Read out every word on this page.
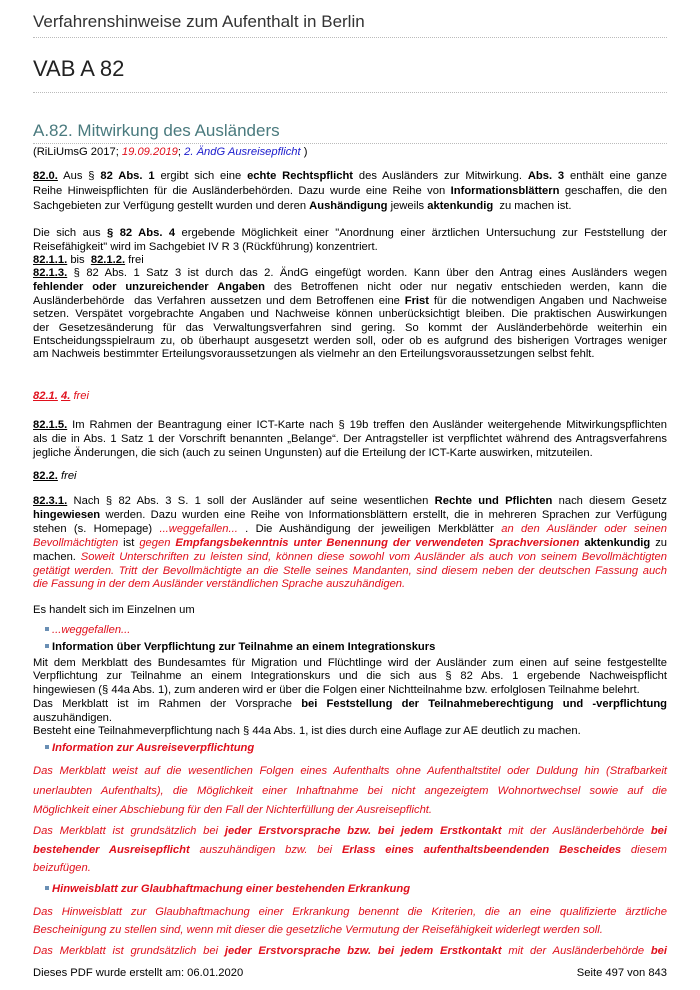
Verfahrenshinweise zum Aufenthalt in Berlin
VAB A 82
A.82. Mitwirkung des Ausländers
(RiLiUmsG 2017; 19.09.2019; 2. ÄndG Ausreisepflicht )
82.0. Aus § 82 Abs. 1 ergibt sich eine echte Rechtspflicht des Ausländers zur Mitwirkung. Abs. 3 enthält eine ganze
Reihe Hinweispflichten für die Ausländerbehörden. Dazu wurde eine Reihe von Informationsblättern geschaffen, die den
Sachgebieten zur Verfügung gestellt wurden und deren Aushändigung jeweils aktenkundig  zu machen ist.
Die sich aus § 82 Abs. 4 ergebende Möglichkeit einer "Anordnung einer ärztlichen Untersuchung zur Feststellung der
Reisefähigkeit" wird im Sachgebiet IV R 3 (Rückführung) konzentriert.
82.1.1. bis  82.1.2. frei
82.1.3. § 82 Abs. 1 Satz 3 ist durch das 2. ÄndG eingefügt worden. Kann über den Antrag eines Ausländers wegen
fehlender oder unzureichender Angaben des Betroffenen nicht oder nur negativ entschieden werden, kann die
Ausländerbehörde  das Verfahren aussetzen und dem Betroffenen eine Frist für die notwendigen Angaben und Nachweise
setzen. Verspätet vorgebrachte Angaben und Nachweise können unberücksichtigt bleiben. Die praktischen Auswirkungen
der Gesetzesänderung für das Verwaltungsverfahren sind gering. So kommt der Ausländerbehörde weiterhin ein
Entscheidungsspielraum zu, ob überhaupt ausgesetzt werden soll, oder ob es aufgrund des bisherigen Vortrages weniger
am Nachweis bestimmter Erteilungsvoraussetzungen als vielmehr an den Erteilungsvoraussetzungen selbst fehlt.
82.1. 4. frei
82.1.5. Im Rahmen der Beantragung einer ICT-Karte nach § 19b treffen den Ausländer weitergehende Mitwirkungspflichten
als die in Abs. 1 Satz 1 der Vorschrift benannten „Belange“. Der Antragsteller ist verpflichtet während des Antragsverfahrens
jegliche Änderungen, die sich (auch zu seinen Ungunsten) auf die Erteilung der ICT-Karte auswirken, mitzuteilen.
82.2. frei
82.3.1. Nach § 82 Abs. 3 S. 1 soll der Ausländer auf seine wesentlichen Rechte und Pflichten nach diesem Gesetz
hingewiesen werden. Dazu wurden eine Reihe von Informationsblättern erstellt, die in mehreren Sprachen zur Verfügung
stehen (s. Homepage) ...weggefallen... . Die Aushändigung der jeweiligen Merkblätter an den Ausländer oder seinen
Bevollmächtigten ist gegen Empfangsbekenntnis unter Benennung der verwendeten Sprachversionen aktenkundig zu
machen. Soweit Unterschriften zu leisten sind, können diese sowohl vom Ausländer als auch von seinem Bevollmächtigten
getätigt werden. Tritt der Bevollmächtigte an die Stelle seines Mandanten, sind diesem neben der deutschen Fassung auch
die Fassung in der dem Ausländer verständlichen Sprache auszuhändigen.
Es handelt sich im Einzelnen um
...weggefallen...
Information über Verpflichtung zur Teilnahme an einem Integrationskurs
Mit dem Merkblatt des Bundesamtes für Migration und Flüchtlinge wird der Ausländer zum einen auf seine festgestellte
Verpflichtung zur Teilnahme an einem Integrationskurs und die sich aus § 82 Abs. 1 ergebende Nachweispflicht
hingewiesen (§ 44a Abs. 1), zum anderen wird er über die Folgen einer Nichtteilnahme bzw. erfolglosen Teilnahme belehrt.
Das Merkblatt ist im Rahmen der Vorsprache bei Feststellung der Teilnahmeberechtigung und -verpflichtung
auszuhändigen.
Besteht eine Teilnahmeverpflichtung nach § 44a Abs. 1, ist dies durch eine Auflage zur AE deutlich zu machen.
Information zur Ausreiseverpflichtung
Das Merkblatt weist auf die wesentlichen Folgen eines Aufenthalts ohne Aufenthaltstitel oder Duldung hin (Strafbarkeit
unerlaubten Aufenthalts), die Möglichkeit einer Inhaftnahme bei nicht angezeigtem Wohnortwechsel sowie auf die
Möglichkeit einer Abschiebung für den Fall der Nichterfüllung der Ausreisepflicht.
Das Merkblatt ist grundsätzlich bei jeder Erstvorsprache bzw. bei jedem Erstkontakt mit der Ausländerbehörde bei
bestehender Ausreisepflicht auszuhändigen bzw. bei Erlass eines aufenthaltsbeendenden Bescheides diesem
beizufügen.
Hinweisblatt zur Glaubhaftmachung einer bestehenden Erkrankung
Das Hinweisblatt zur Glaubhaftmachung einer Erkrankung benennt die Kriterien, die an eine qualifizierte ärztliche
Bescheinigung zu stellen sind, wenn mit dieser die gesetzliche Vermutung der Reisefähigkeit widerlegt werden soll.
Das Merkblatt ist grundsätzlich bei jeder Erstvorsprache bzw. bei jedem Erstkontakt mit der Ausländerbehörde bei
Dieses PDF wurde erstellt am: 06.01.2020	Seite 497 von 843
